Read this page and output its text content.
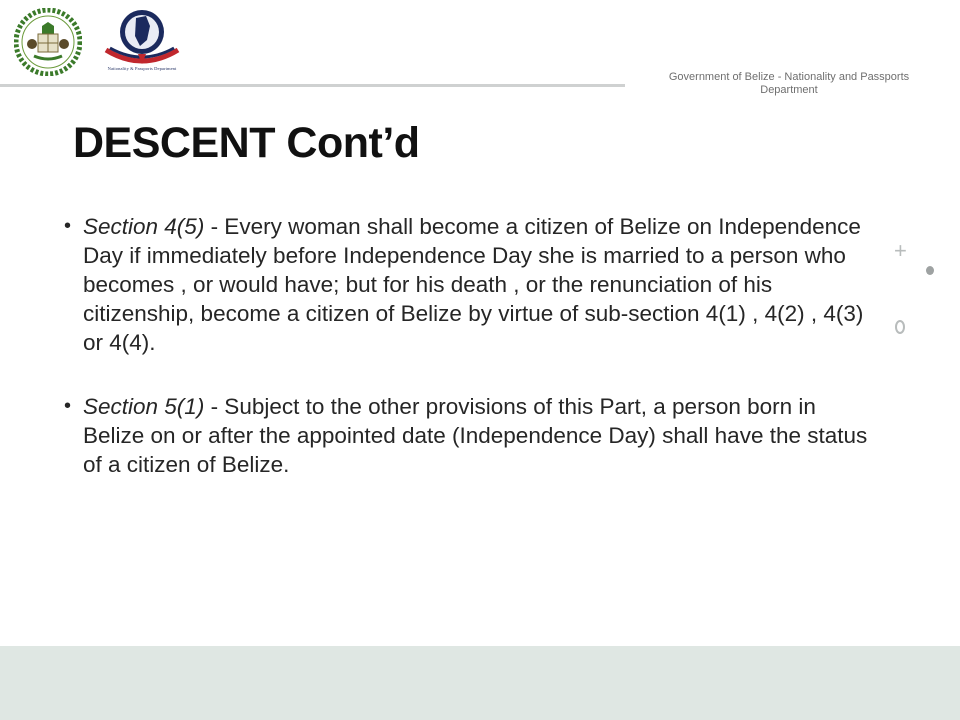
Nationality & Passports Department
Government of Belize - Nationality and Passports Department
DESCENT Cont’d
• Section 4(5) - Every woman shall become a citizen of Belize on Independence Day if immediately before Independence Day she is married to a person who becomes , or would have; but for his death , or the renunciation of his citizenship, become a citizen of Belize by virtue of sub-section 4(1) , 4(2) , 4(3) or 4(4).
• Section 5(1) - Subject to the other provisions of this Part, a person born in Belize on or after the appointed date (Independence Day) shall have the status of a citizen of Belize.
+
